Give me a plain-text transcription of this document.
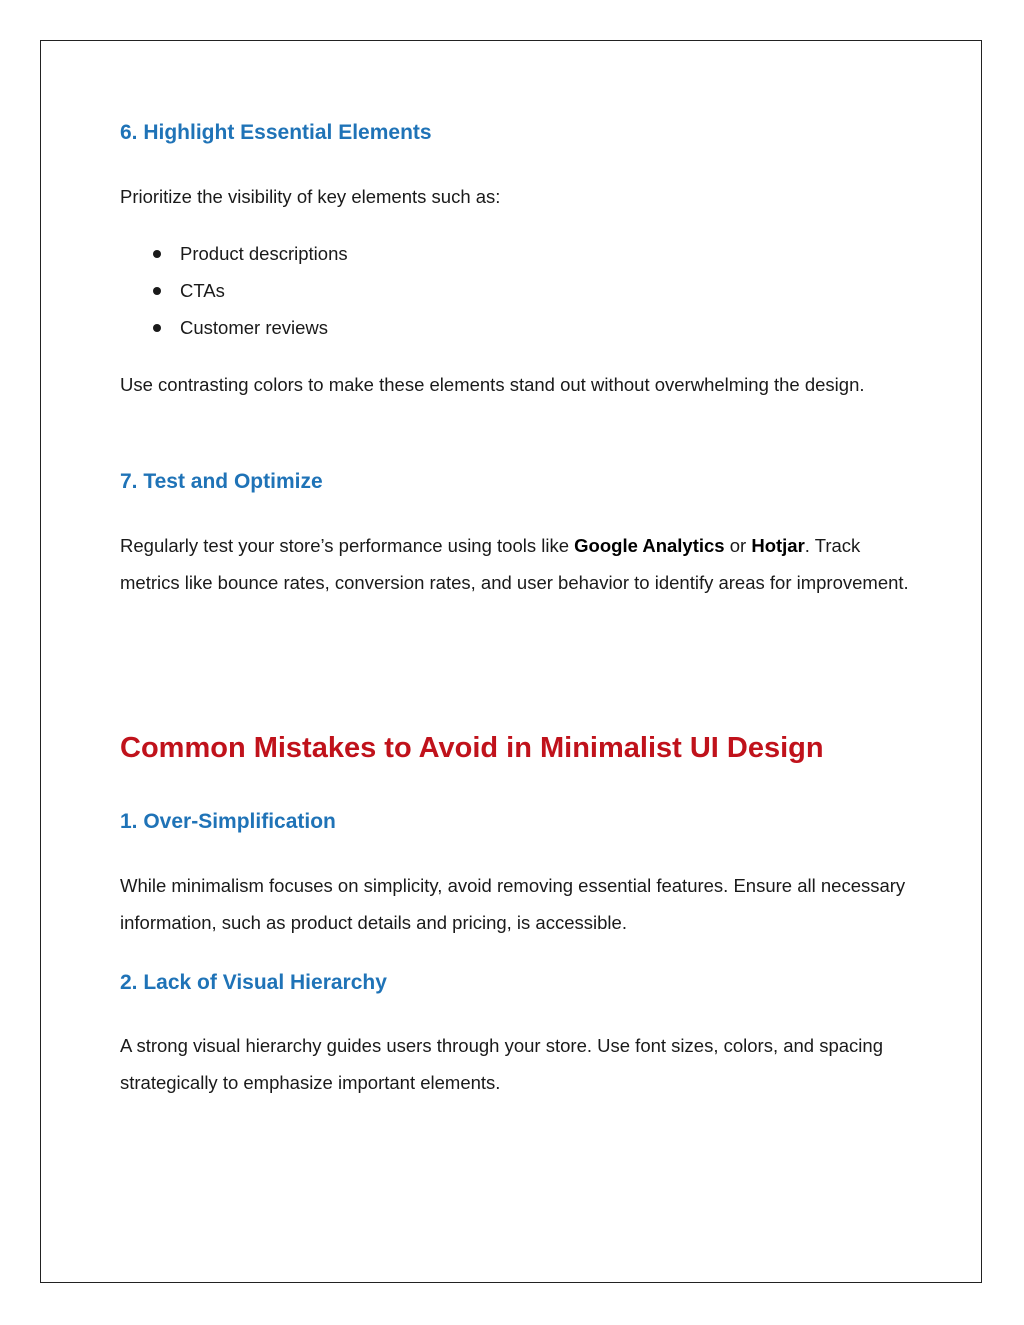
6. Highlight Essential Elements

Prioritize the visibility of key elements such as:

Product descriptions
CTAs
Customer reviews

Use contrasting colors to make these elements stand out without overwhelming the design.

7. Test and Optimize

Regularly test your store’s performance using tools like Google Analytics or Hotjar. Track metrics like bounce rates, conversion rates, and user behavior to identify areas for improvement.

Common Mistakes to Avoid in Minimalist UI Design
1. Over-Simplification

While minimalism focuses on simplicity, avoid removing essential features. Ensure all necessary information, such as product details and pricing, is accessible.

2. Lack of Visual Hierarchy

A strong visual hierarchy guides users through your store. Use font sizes, colors, and spacing strategically to emphasize important elements.
